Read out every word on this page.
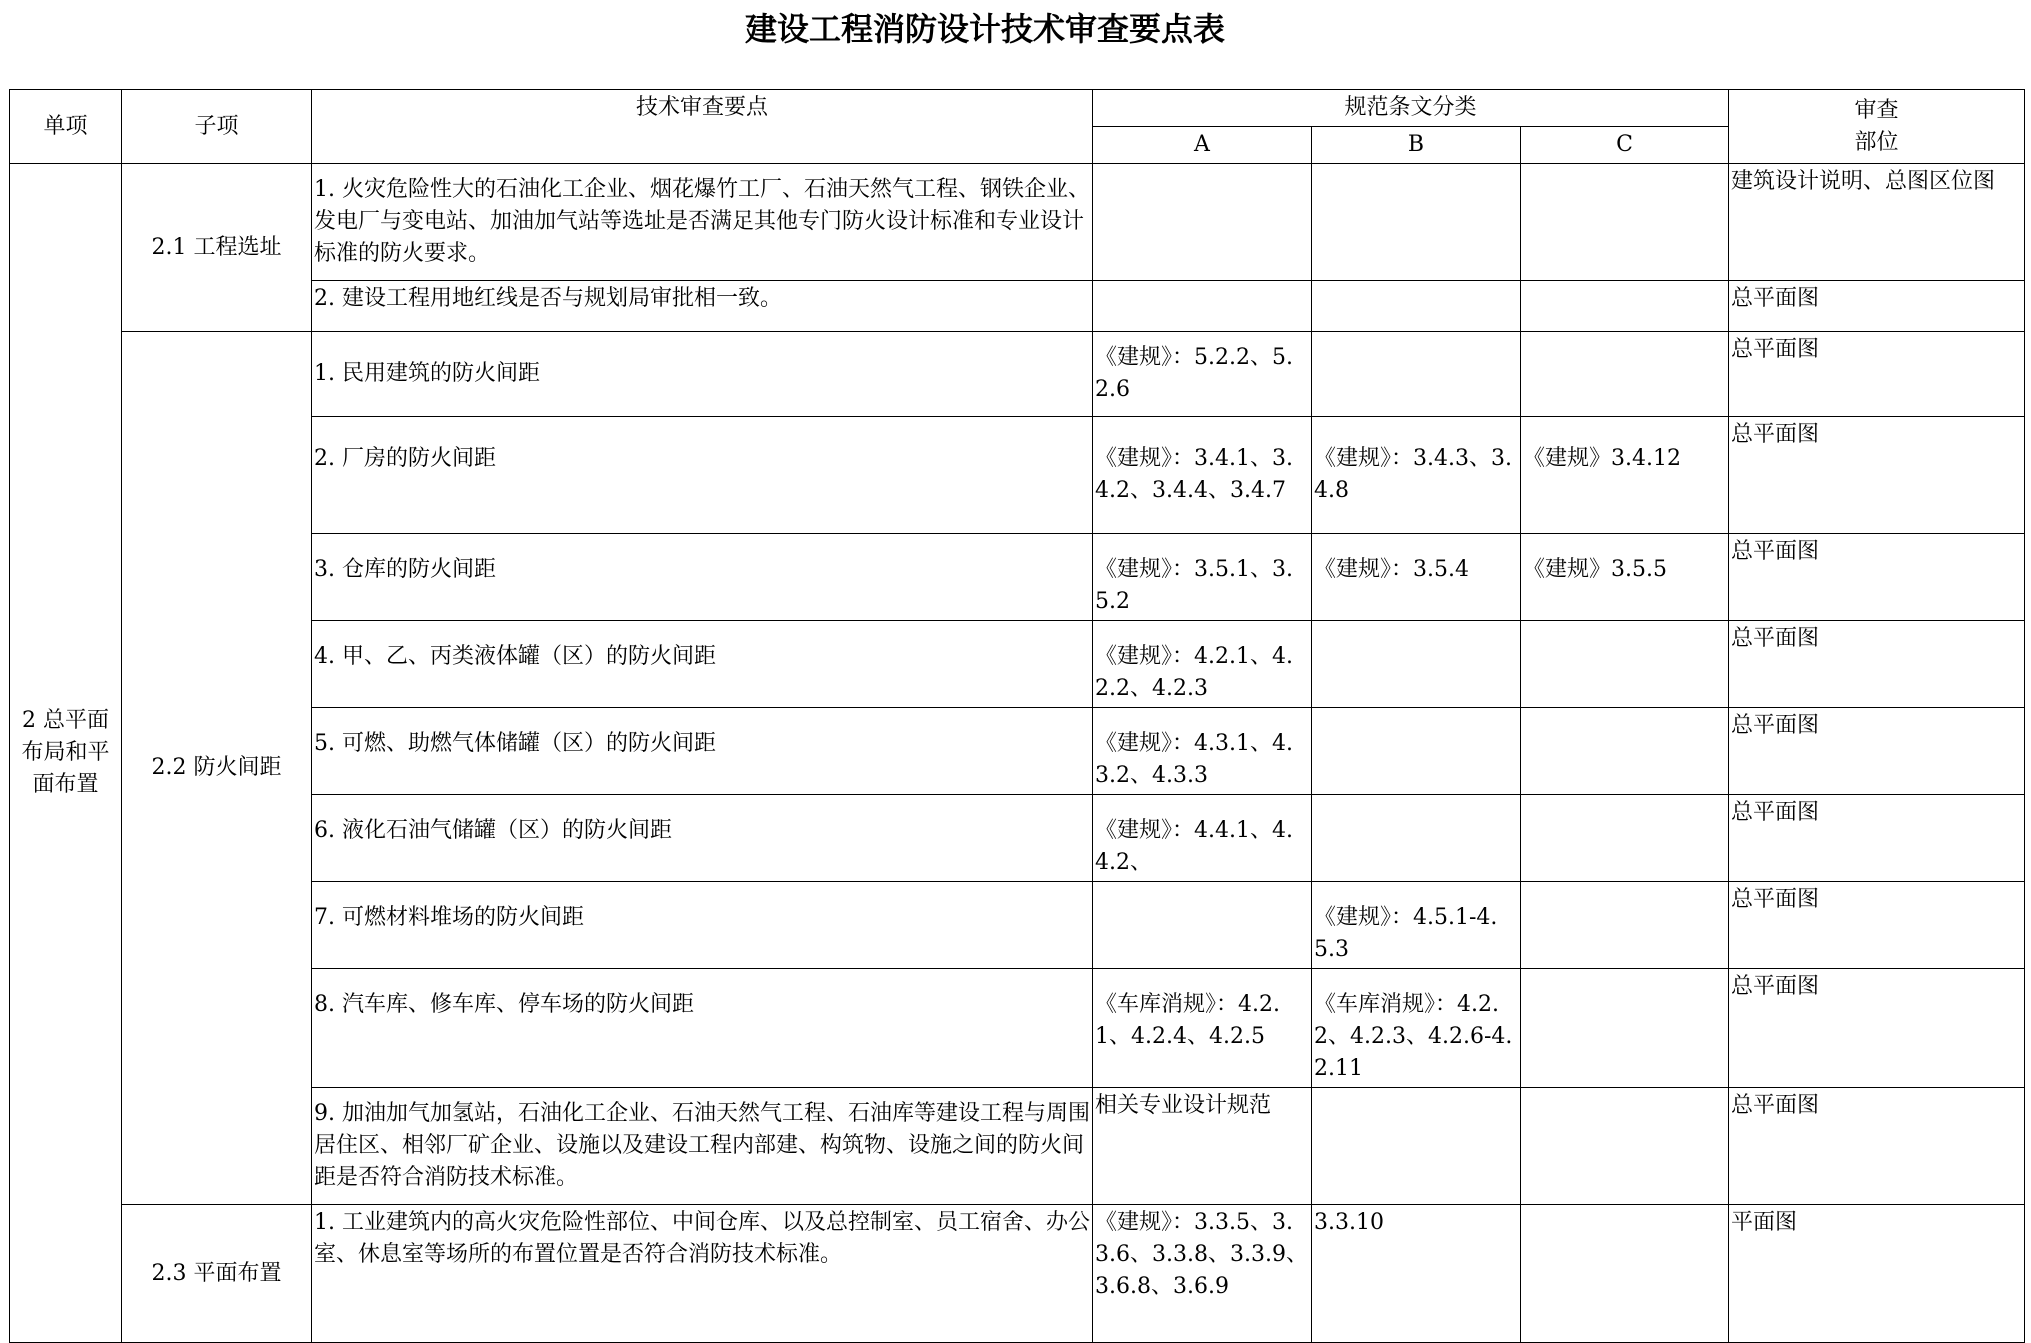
建设工程消防设计技术审查要点表
单项	子项	技术审查要点	规范条文分类			审查
部位
			A	B	C	
2 总平面
布局和平
面布置	2.1 工程选址	1. 火灾危险性大的石油化工企业、烟花爆竹工厂、石油天然气工程、钢铁企业、发电厂与变电站、加油加气站等选址是否满足其他专门防火设计标准和专业设计标准的防火要求。				建筑设计说明、总图区位图
		2. 建设工程用地红线是否与规划局审批相一致。				总平面图
	2.2 防火间距	1. 民用建筑的防火间距	《建规》：5.2.2、5.2.6			总平面图
		2. 厂房的防火间距	《建规》：3.4.1、3.4.2、3.4.4、3.4.7	《建规》：3.4.3、3.4.8	《建规》3.4.12	总平面图
		3. 仓库的防火间距	《建规》：3.5.1、3.5.2	《建规》：3.5.4	《建规》3.5.5	总平面图
		4. 甲、乙、丙类液体罐（区）的防火间距	《建规》：4.2.1、4.2.2、4.2.3			总平面图
		5. 可燃、助燃气体储罐（区）的防火间距	《建规》：4.3.1、4.3.2、4.3.3			总平面图
		6. 液化石油气储罐（区）的防火间距	《建规》：4.4.1、4.4.2、			总平面图
		7. 可燃材料堆场的防火间距		《建规》：4.5.1-4.5.3		总平面图
		8. 汽车库、修车库、停车场的防火间距	《车库消规》：4.2.1、4.2.4、4.2.5	《车库消规》：4.2.2、4.2.3、4.2.6-4.2.11		总平面图
		9. 加油加气加氢站，石油化工企业、石油天然气工程、石油库等建设工程与周围居住区、相邻厂矿企业、设施以及建设工程内部建、构筑物、设施之间的防火间距是否符合消防技术标准。	相关专业设计规范			总平面图
	2.3 平面布置	1. 工业建筑内的高火灾危险性部位、中间仓库、以及总控制室、员工宿舍、办公室、休息室等场所的布置位置是否符合消防技术标准。	《建规》：3.3.5、3.3.6、3.3.8、3.3.9、3.6.8、3.6.9	3.3.10		平面图
